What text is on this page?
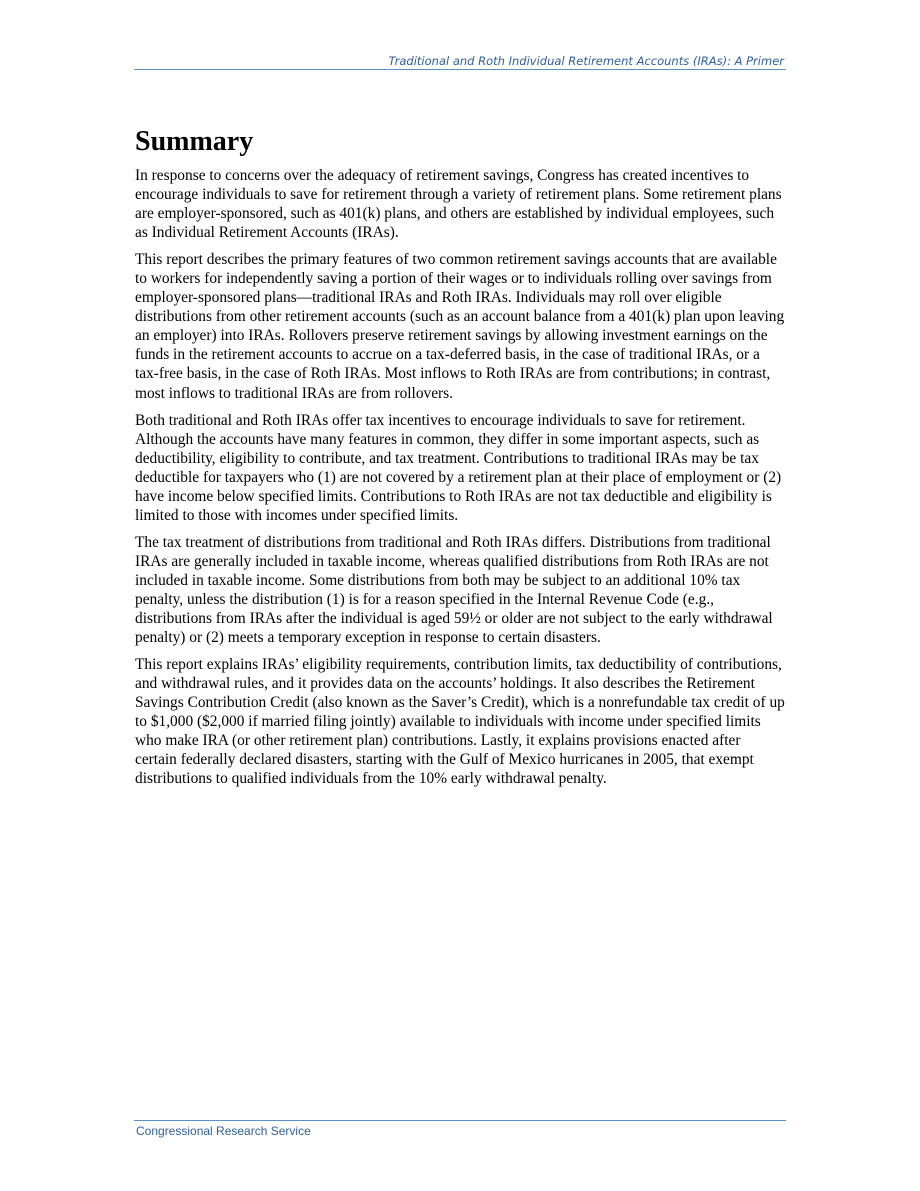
Traditional and Roth Individual Retirement Accounts (IRAs): A Primer
Summary

In response to concerns over the adequacy of retirement savings, Congress has created incentives to encourage individuals to save for retirement through a variety of retirement plans. Some retirement plans are employer-sponsored, such as 401(k) plans, and others are established by individual employees, such as Individual Retirement Accounts (IRAs).

This report describes the primary features of two common retirement savings accounts that are available to workers for independently saving a portion of their wages or to individuals rolling over savings from employer-sponsored plans—traditional IRAs and Roth IRAs. Individuals may roll over eligible distributions from other retirement accounts (such as an account balance from a 401(k) plan upon leaving an employer) into IRAs. Rollovers preserve retirement savings by allowing investment earnings on the funds in the retirement accounts to accrue on a tax-deferred basis, in the case of traditional IRAs, or a tax-free basis, in the case of Roth IRAs. Most inflows to Roth IRAs are from contributions; in contrast, most inflows to traditional IRAs are from rollovers.

Both traditional and Roth IRAs offer tax incentives to encourage individuals to save for retirement. Although the accounts have many features in common, they differ in some important aspects, such as deductibility, eligibility to contribute, and tax treatment. Contributions to traditional IRAs may be tax deductible for taxpayers who (1) are not covered by a retirement plan at their place of employment or (2) have income below specified limits. Contributions to Roth IRAs are not tax deductible and eligibility is limited to those with incomes under specified limits.

The tax treatment of distributions from traditional and Roth IRAs differs. Distributions from traditional IRAs are generally included in taxable income, whereas qualified distributions from Roth IRAs are not included in taxable income. Some distributions from both may be subject to an additional 10% tax penalty, unless the distribution (1) is for a reason specified in the Internal Revenue Code (e.g., distributions from IRAs after the individual is aged 59½ or older are not subject to the early withdrawal penalty) or (2) meets a temporary exception in response to certain disasters.

This report explains IRAs’ eligibility requirements, contribution limits, tax deductibility of contributions, and withdrawal rules, and it provides data on the accounts’ holdings. It also describes the Retirement Savings Contribution Credit (also known as the Saver’s Credit), which is a nonrefundable tax credit of up to $1,000 ($2,000 if married filing jointly) available to individuals with income under specified limits who make IRA (or other retirement plan) contributions. Lastly, it explains provisions enacted after certain federally declared disasters, starting with the Gulf of Mexico hurricanes in 2005, that exempt distributions to qualified individuals from the 10% early withdrawal penalty.

Congressional Research Service
